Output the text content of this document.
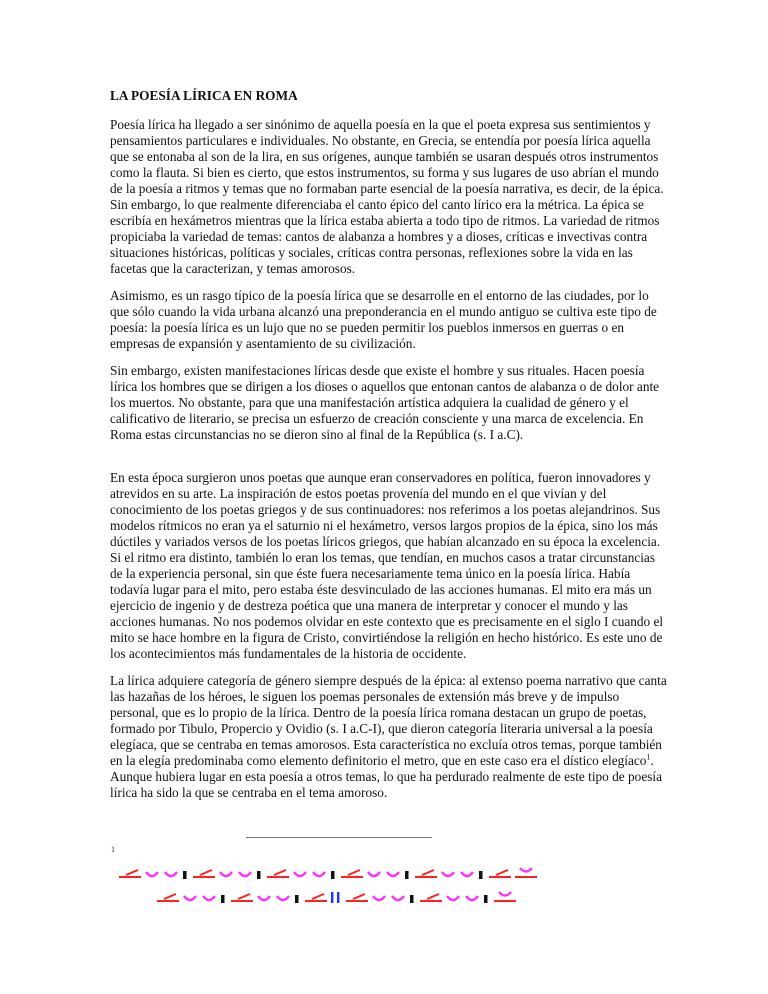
LA POESÍA LÍRICA EN ROMA

Poesía lírica ha llegado a ser sinónimo de aquella poesía en la que el poeta expresa sus sentimientos y pensamientos particulares e individuales. No obstante, en Grecia, se entendía por poesía lírica aquella que se entonaba al son de la lira, en sus orígenes, aunque también se usaran después otros instrumentos como la flauta. Si bien es cierto, que estos instrumentos, su forma y sus lugares de uso abrían el mundo de la poesía a ritmos y temas que no formaban parte esencial de la poesía narrativa, es decir, de la épica. Sin embargo, lo que realmente diferenciaba el canto épico del canto lírico era la métrica. La épica se escribía en hexámetros mientras que la lírica estaba abierta a todo tipo de ritmos. La variedad de ritmos propiciaba la variedad de temas: cantos de alabanza a hombres y a dioses, críticas e invectivas contra situaciones históricas, políticas y sociales, críticas contra personas, reflexiones sobre la vida en las facetas que la caracterizan, y temas amorosos.

Asimismo, es un rasgo típico de la poesía lírica que se desarrolle en el entorno de las ciudades, por lo que sólo cuando la vida urbana alcanzó una preponderancia en el mundo antiguo se cultiva este tipo de poesía: la poesía lírica es un lujo que no se pueden permitir los pueblos inmersos en guerras o en empresas de expansión y asentamiento de su civilización.

Sin embargo, existen manifestaciones líricas desde que existe el hombre y sus rituales. Hacen poesía lírica los hombres que se dirigen a los dioses o aquellos que entonan cantos de alabanza o de dolor ante los muertos. No obstante, para que una manifestación artística adquiera la cualidad de género y el calificativo de literario, se precisa un esfuerzo de creación consciente y una marca de excelencia. En Roma estas circunstancias no se dieron sino al final de la República (s. I a.C).

En esta época surgieron unos poetas que aunque eran conservadores en política, fueron innovadores y atrevidos en su arte. La inspiración de estos poetas provenía del mundo en el que vivían y del conocimiento de los poetas griegos y de sus continuadores: nos referimos a los poetas alejandrinos. Sus modelos rítmicos no eran ya el saturnio ni el hexámetro, versos largos propios de la épica, sino los más dúctiles y variados versos de los poetas líricos griegos, que habían alcanzado en su época la excelencia. Si el ritmo era distinto, también lo eran los temas, que tendían, en muchos casos a tratar circunstancias de la experiencia personal, sin que éste fuera necesariamente tema único en la poesía lírica. Había todavía lugar para el mito, pero estaba éste desvinculado de las acciones humanas. El mito era más un ejercicio de ingenio y de destreza poética que una manera de interpretar y conocer el mundo y las acciones humanas. No nos podemos olvidar en este contexto que es precisamente en el siglo I cuando el mito se hace hombre en la figura de Cristo, convirtiéndose la religión en hecho histórico. Es este uno de los acontecimientos más fundamentales de la historia de occidente.

La lírica adquiere categoría de género siempre después de la épica: al extenso poema narrativo que canta las hazañas de los héroes, le siguen los poemas personales de extensión más breve y de impulso personal, que es lo propio de la lírica. Dentro de la poesía lírica romana destacan un grupo de poetas, formado por Tibulo, Propercio y Ovidio (s. I a.C-I), que dieron categoría literaria universal a la poesía elegíaca, que se centraba en temas amorosos. Esta característica no excluía otros temas, porque también en la elegía predominaba como elemento definitorio el metro, que en este caso era el dístico elegíaco$^1$. Aunque hubiera lugar en esta poesía a otros temas, lo que ha perdurado realmente de este tipo de poesía lírica ha sido la que se centraba en el tema amoroso.

1
